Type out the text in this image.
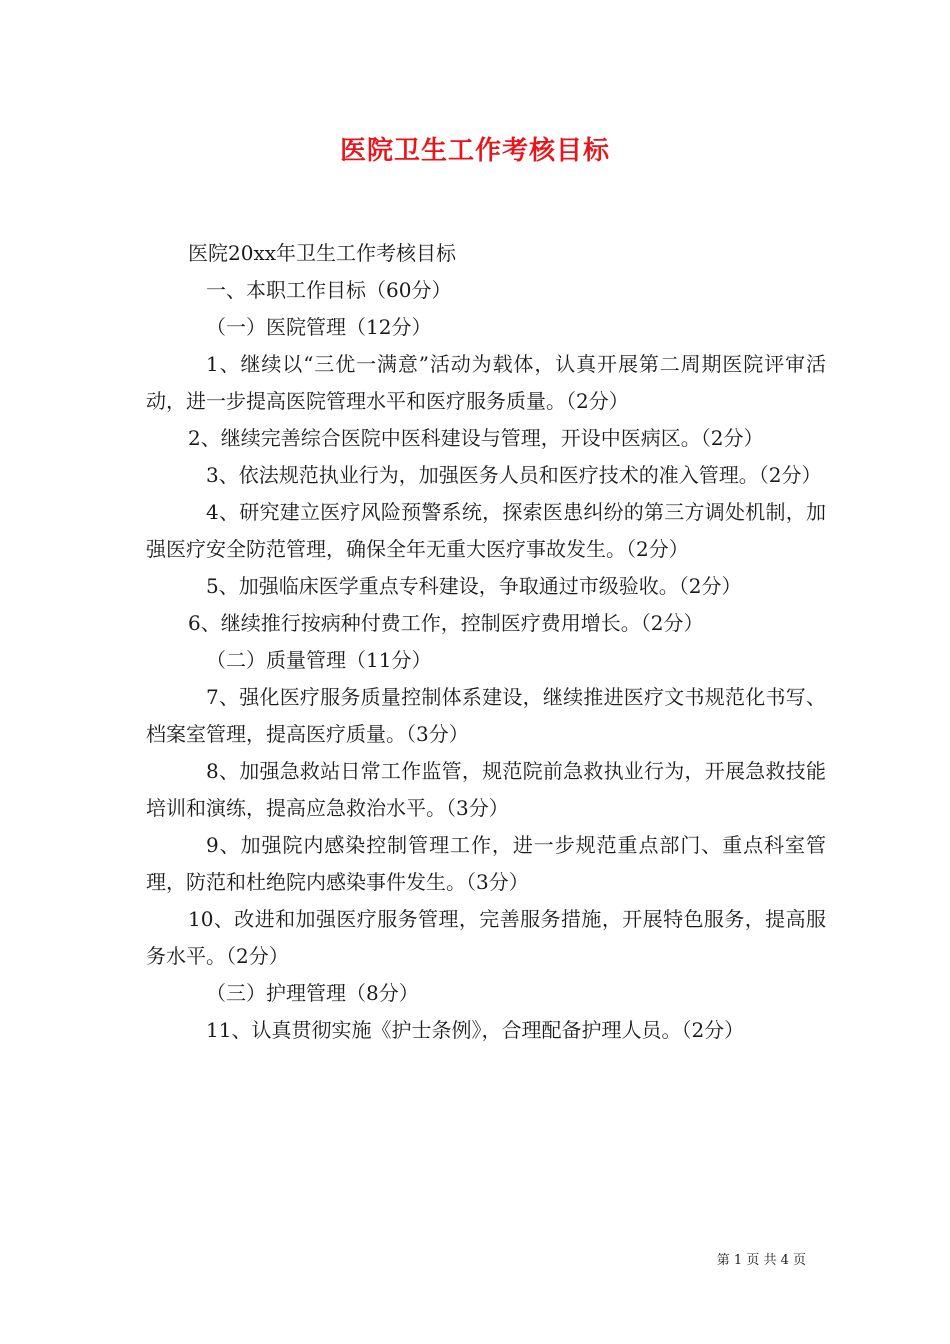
医院卫生工作考核目标

医院20xx年卫生工作考核目标

一、本职工作目标（60分）

（一）医院管理（12分）

1、继续以“三优一满意”活动为载体，认真开展第二周期医院评审活动，进一步提高医院管理水平和医疗服务质量。（2分）

2、继续完善综合医院中医科建设与管理，开设中医病区。（2分）

3、依法规范执业行为，加强医务人员和医疗技术的准入管理。（2分）

4、研究建立医疗风险预警系统，探索医患纠纷的第三方调处机制，加强医疗安全防范管理，确保全年无重大医疗事故发生。（2分）

5、加强临床医学重点专科建设，争取通过市级验收。（2分）

6、继续推行按病种付费工作，控制医疗费用增长。（2分）

（二）质量管理（11分）

7、强化医疗服务质量控制体系建设，继续推进医疗文书规范化书写、档案室管理，提高医疗质量。（3分）

8、加强急救站日常工作监管，规范院前急救执业行为，开展急救技能培训和演练，提高应急救治水平。（3分）

9、加强院内感染控制管理工作，进一步规范重点部门、重点科室管理，防范和杜绝院内感染事件发生。（3分）

10、改进和加强医疗服务管理，完善服务措施，开展特色服务，提高服务水平。（2分）

（三）护理管理（8分）

11、认真贯彻实施《护士条例》，合理配备护理人员。（2分）

第 1 页 共 4 页
